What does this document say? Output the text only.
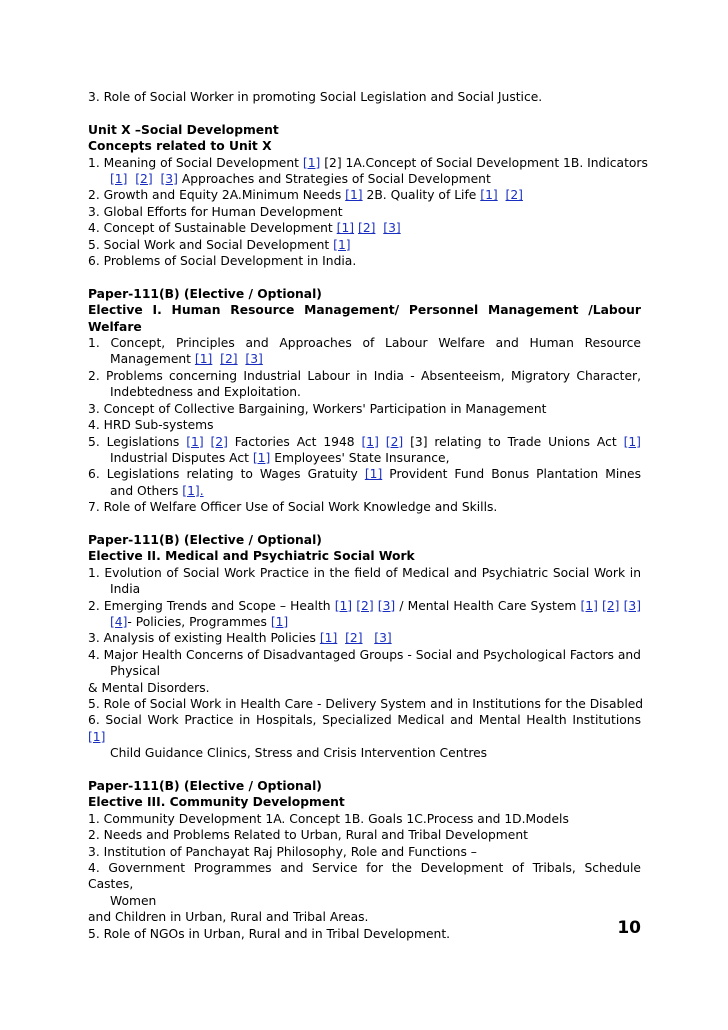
3. Role of Social Worker in promoting Social Legislation and Social Justice.
Unit X –Social Development
Concepts related to Unit X
1. Meaning of Social Development [1] [2] 1A.Concept of Social Development 1B. Indicators
[1] [2] [3] Approaches and Strategies of Social Development
2. Growth and Equity 2A.Minimum Needs [1] 2B. Quality of Life [1] [2]
3. Global Efforts for Human Development
4. Concept of Sustainable Development [1] [2] [3]
5. Social Work and Social Development [1]
6. Problems of Social Development in India.
Paper-111(B) (Elective / Optional)
Elective I. Human Resource Management/ Personnel Management /Labour
Welfare
1. Concept, Principles and Approaches of Labour Welfare and Human Resource
Management [1] [2] [3]
2. Problems concerning Industrial Labour in India - Absenteeism, Migratory Character,
Indebtedness and Exploitation.
3. Concept of Collective Bargaining, Workers' Participation in Management
4. HRD Sub-systems
5. Legislations [1] [2] Factories Act 1948 [1] [2] [3] relating to Trade Unions Act [1]
Industrial Disputes Act [1] Employees' State Insurance,
6. Legislations relating to Wages Gratuity [1] Provident Fund Bonus Plantation Mines
and Others [1].
7. Role of Welfare Officer Use of Social Work Knowledge and Skills.
Paper-111(B) (Elective / Optional)
Elective II. Medical and Psychiatric Social Work
1. Evolution of Social Work Practice in the field of Medical and Psychiatric Social Work in
India
2. Emerging Trends and Scope – Health [1] [2] [3] / Mental Health Care System [1] [2] [3]
[4]- Policies, Programmes [1]
3. Analysis of existing Health Policies [1] [2] [3]
4. Major Health Concerns of Disadvantaged Groups - Social and Psychological Factors and
Physical
& Mental Disorders.
5. Role of Social Work in Health Care - Delivery System and in Institutions for the Disabled
6. Social Work Practice in Hospitals, Specialized Medical and Mental Health Institutions [1]
Child Guidance Clinics, Stress and Crisis Intervention Centres
Paper-111(B) (Elective / Optional)
Elective III. Community Development
1. Community Development 1A. Concept 1B. Goals 1C.Process and 1D.Models
2. Needs and Problems Related to Urban, Rural and Tribal Development
3. Institution of Panchayat Raj Philosophy, Role and Functions –
4. Government Programmes and Service for the Development of Tribals, Schedule Castes,
Women
and Children in Urban, Rural and Tribal Areas.
5. Role of NGOs in Urban, Rural and in Tribal Development.	10
